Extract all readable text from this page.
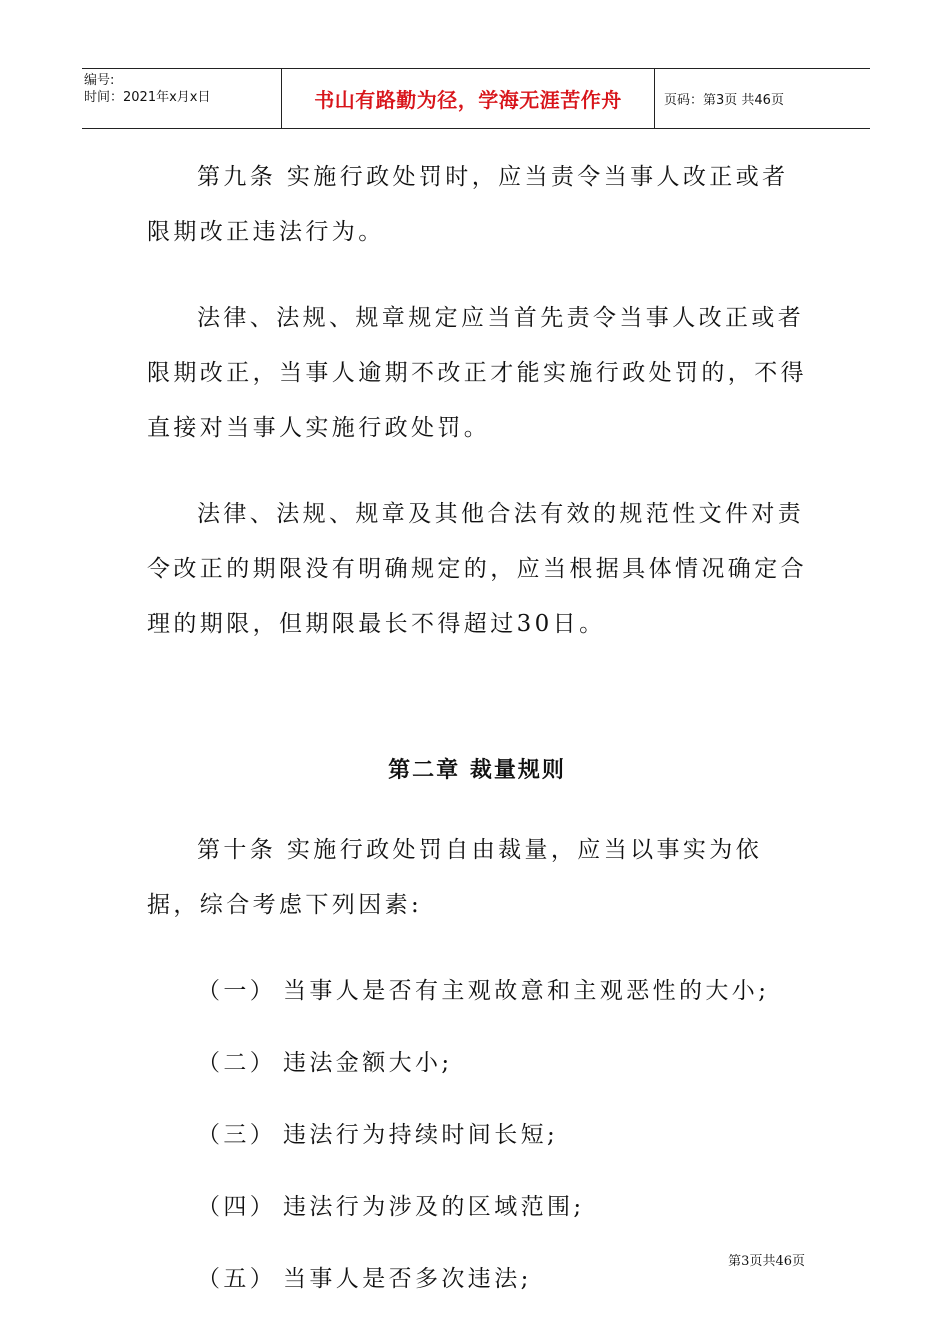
编号:
时间：2021年x月x日	书山有路勤为径，学海无涯苦作舟	页码：第3页 共46页

第九条 实施行政处罚时，应当责令当事人改正或者限期改正违法行为。

法律、法规、规章规定应当首先责令当事人改正或者限期改正，当事人逾期不改正才能实施行政处罚的，不得直接对当事人实施行政处罚。

法律、法规、规章及其他合法有效的规范性文件对责令改正的期限没有明确规定的，应当根据具体情况确定合理的期限，但期限最长不得超过30日。

第二章 裁量规则

第十条 实施行政处罚自由裁量，应当以事实为依据，综合考虑下列因素:

（一） 当事人是否有主观故意和主观恶性的大小;
（二） 违法金额大小;
（三） 违法行为持续时间长短;
（四） 违法行为涉及的区域范围;
（五） 当事人是否多次违法;
第3页共46页
